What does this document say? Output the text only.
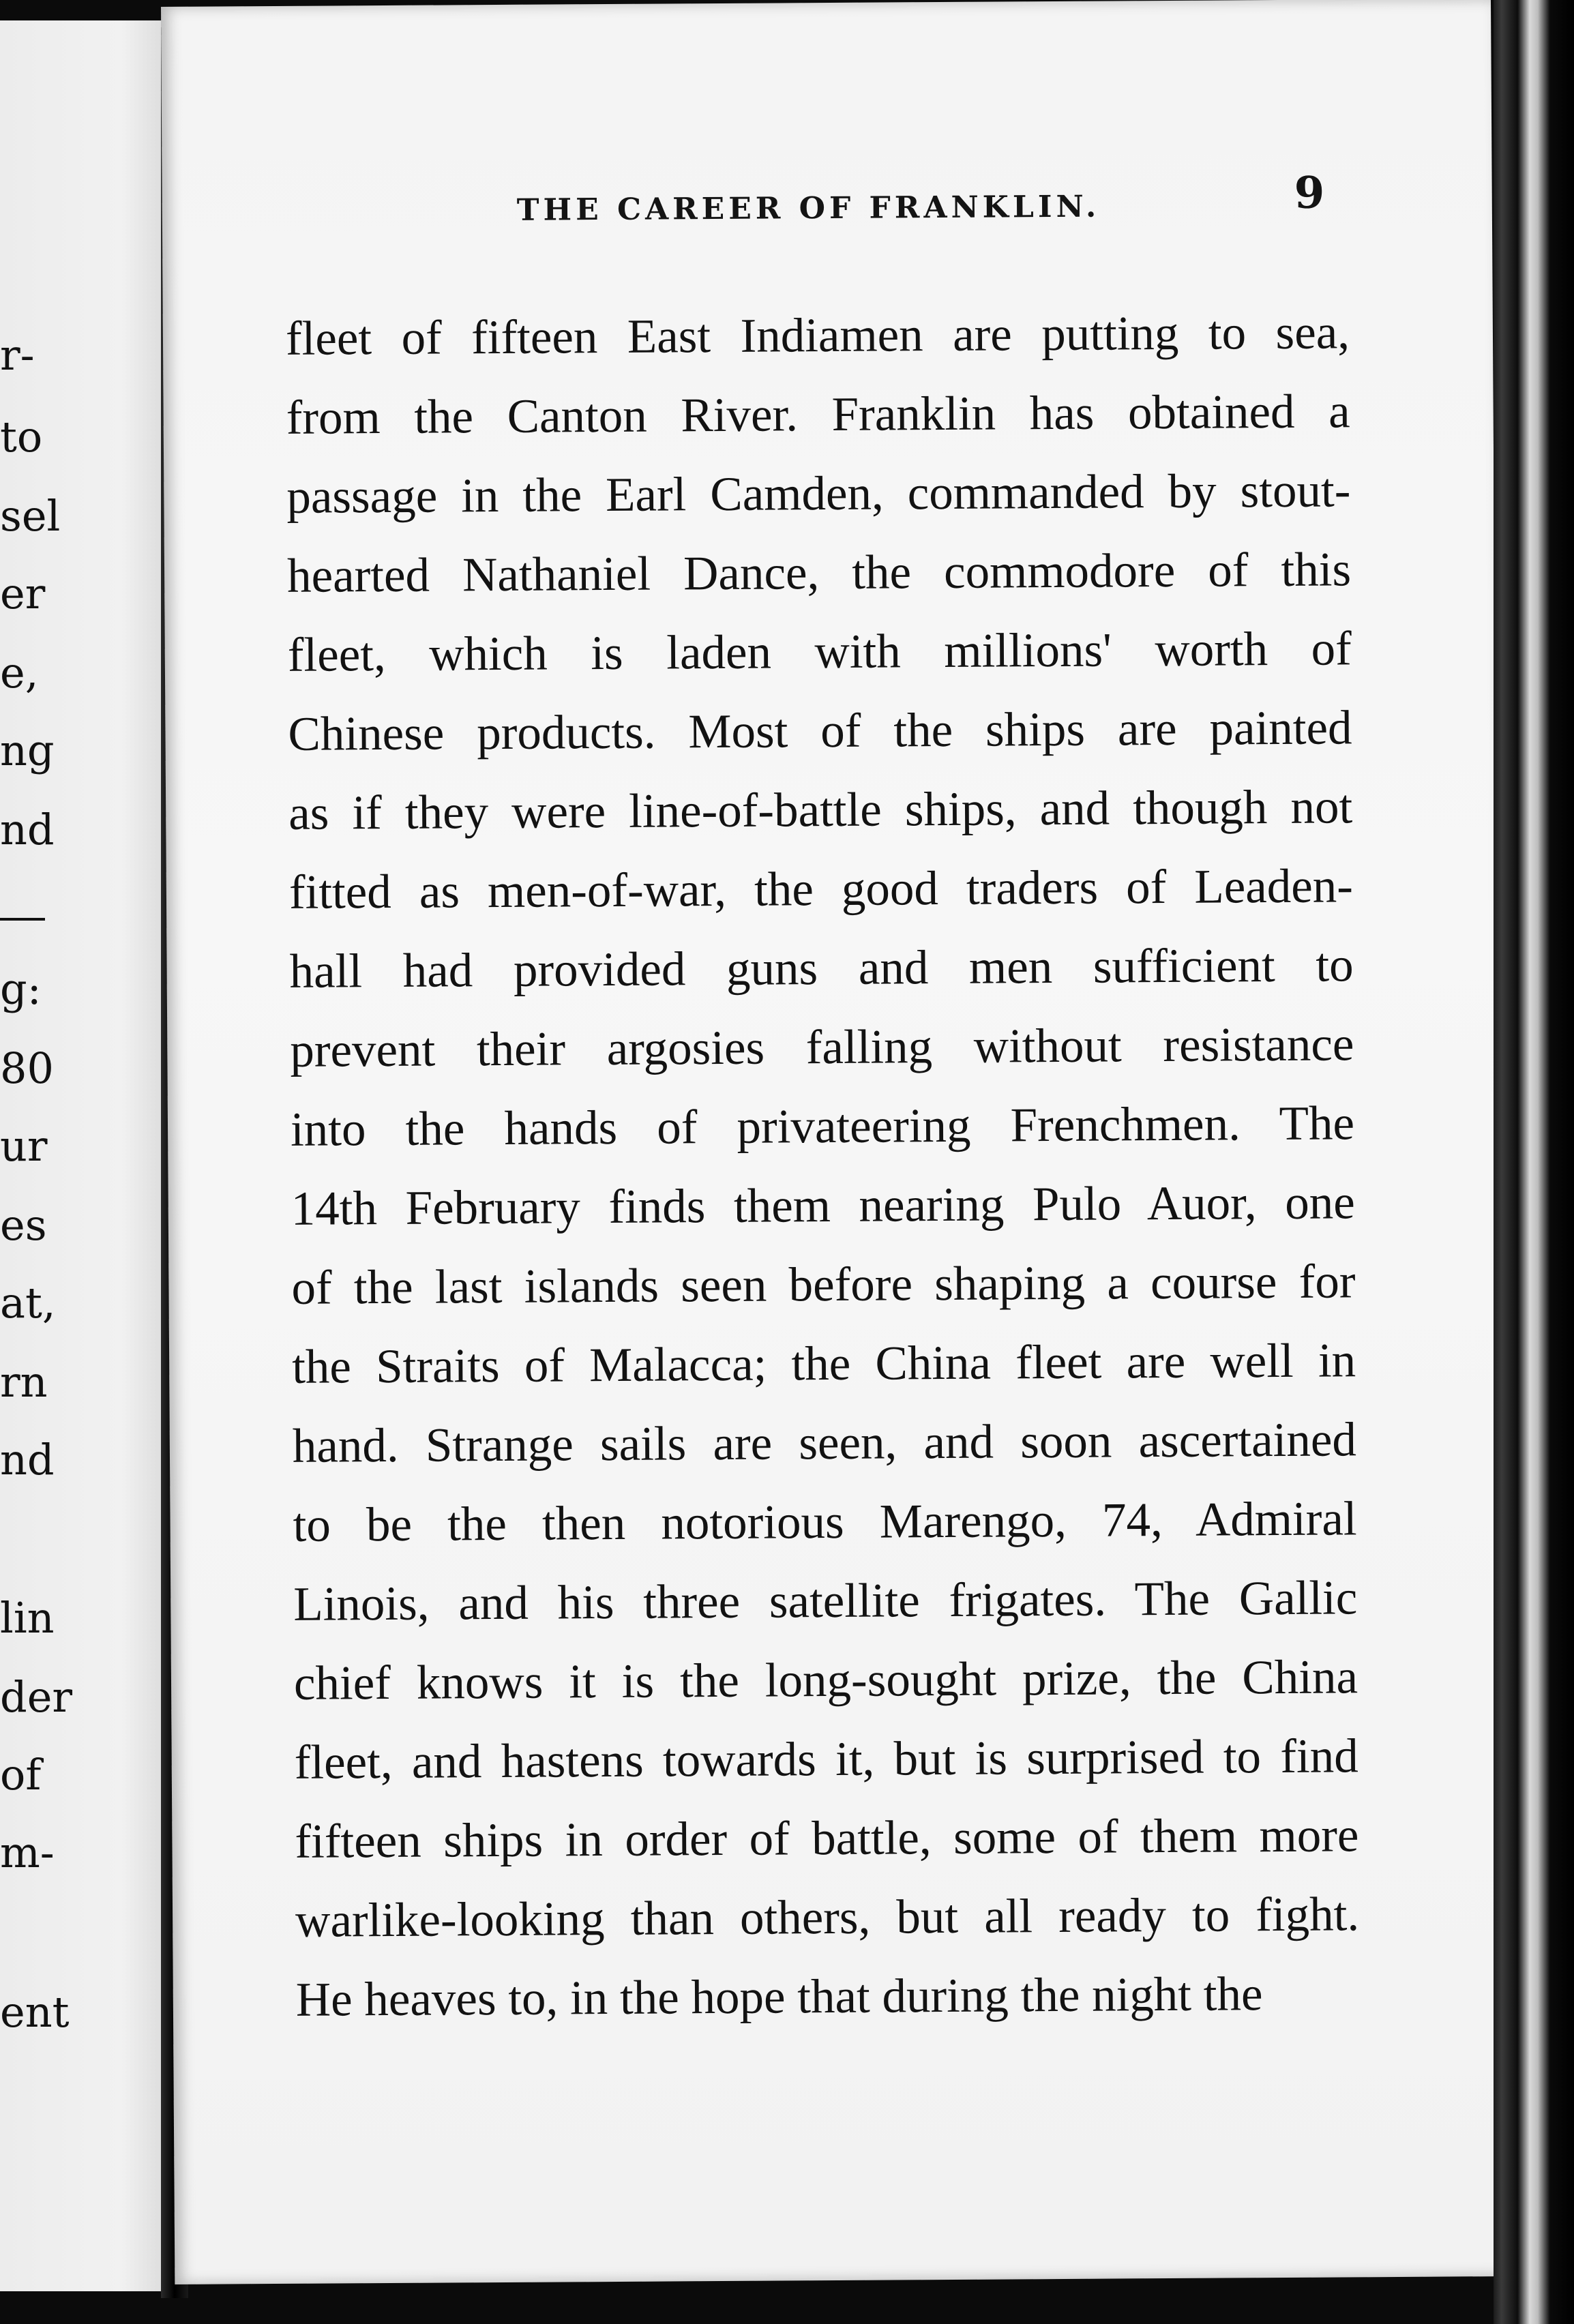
r-
to
sel
er
e,
ng
nd
g:
80
ur
es
at,
rn
nd
lin
der
of
m-
ent
THE CAREER OF FRANKLIN.	9
fleet of fifteen East Indiamen are putting to sea,
from the Canton River. Franklin has obtained a
passage in the Earl Camden, commanded by stout-
hearted Nathaniel Dance, the commodore of this
fleet, which is laden with millions' worth of
Chinese products. Most of the ships are painted
as if they were line-of-battle ships, and though not
fitted as men-of-war, the good traders of Leaden-
hall had provided guns and men sufficient to
prevent their argosies falling without resistance
into the hands of privateering Frenchmen. The
14th February finds them nearing Pulo Auor, one
of the last islands seen before shaping a course for
the Straits of Malacca; the China fleet are well in
hand. Strange sails are seen, and soon ascertained
to be the then notorious Marengo, 74, Admiral
Linois, and his three satellite frigates. The Gallic
chief knows it is the long-sought prize, the China
fleet, and hastens towards it, but is surprised to find
fifteen ships in order of battle, some of them more
warlike-looking than others, but all ready to fight.
He heaves to, in the hope that during the night the
